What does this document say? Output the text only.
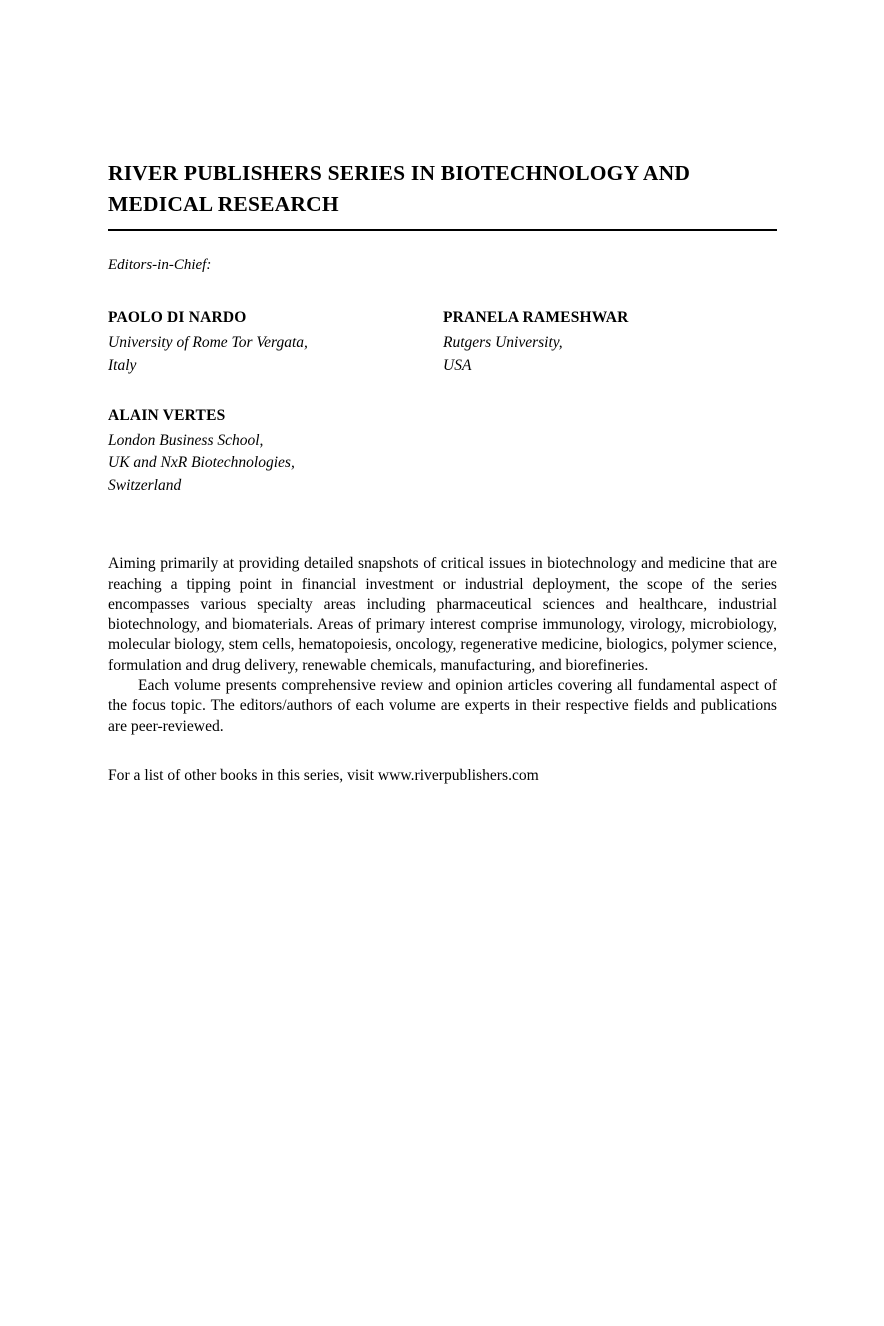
RIVER PUBLISHERS SERIES IN BIOTECHNOLOGY AND MEDICAL RESEARCH
Editors-in-Chief:
PAOLO DI NARDO
University of Rome Tor Vergata,
Italy
PRANELA RAMESHWAR
Rutgers University,
USA
ALAIN VERTES
London Business School,
UK and NxR Biotechnologies,
Switzerland

Aiming primarily at providing detailed snapshots of critical issues in biotechnology and medicine that are reaching a tipping point in financial investment or industrial deployment, the scope of the series encompasses various specialty areas including pharmaceutical sciences and healthcare, industrial biotechnology, and biomaterials. Areas of primary interest comprise immunology, virology, microbiology, molecular biology, stem cells, hematopoiesis, oncology, regenerative medicine, biologics, polymer science, formulation and drug delivery, renewable chemicals, manufacturing, and biorefineries.

Each volume presents comprehensive review and opinion articles covering all fundamental aspect of the focus topic. The editors/authors of each volume are experts in their respective fields and publications are peer-reviewed.

For a list of other books in this series, visit www.riverpublishers.com
